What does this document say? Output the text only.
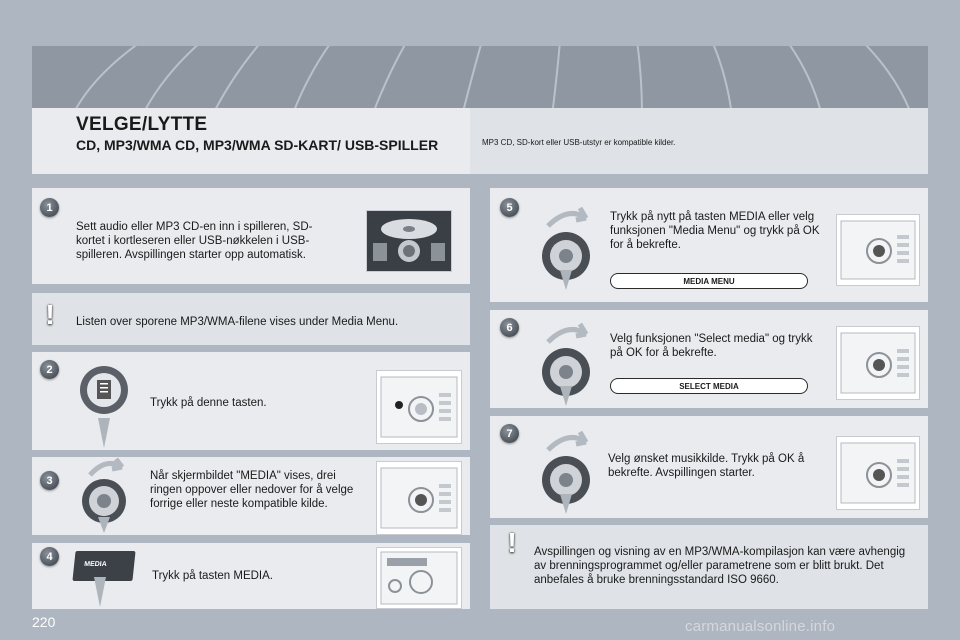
VELGE/LYTTE
CD, MP3/WMA CD, MP3/WMA SD-KART/ USB-SPILLER	MP3 CD, SD-kort eller USB-utstyr er kompatible kilder.
1
Sett audio eller MP3 CD-en inn i spilleren, SD-kortet i kortleseren eller USB-nøkkelen i USB-spilleren. Avspillingen starter opp automatisk.
! Listen over sporene MP3/WMA-filene vises under Media Menu.
2
Trykk på denne tasten.
3	Når skjermbildet "MEDIA" vises, drei ringen oppover eller nedover for å velge forrige eller neste kompatible kilde.
4
MEDIA
Trykk på tasten MEDIA.
5
Trykk på nytt på tasten MEDIA eller velg funksjonen "Media Menu" og trykk på OK for å bekrefte.
MEDIA MENU
6
Velg funksjonen "Select media" og trykk på OK for å bekrefte.
SELECT MEDIA
7
Velg ønsket musikkilde. Trykk på OK å bekrefte. Avspillingen starter.
! Avspillingen og visning av en MP3/WMA-kompilasjon kan være avhengig av brenningsprogrammet og/eller parametrene som er blitt brukt. Det anbefales å bruke brenningsstandard ISO 9660.
220	carmanualsonline.info
